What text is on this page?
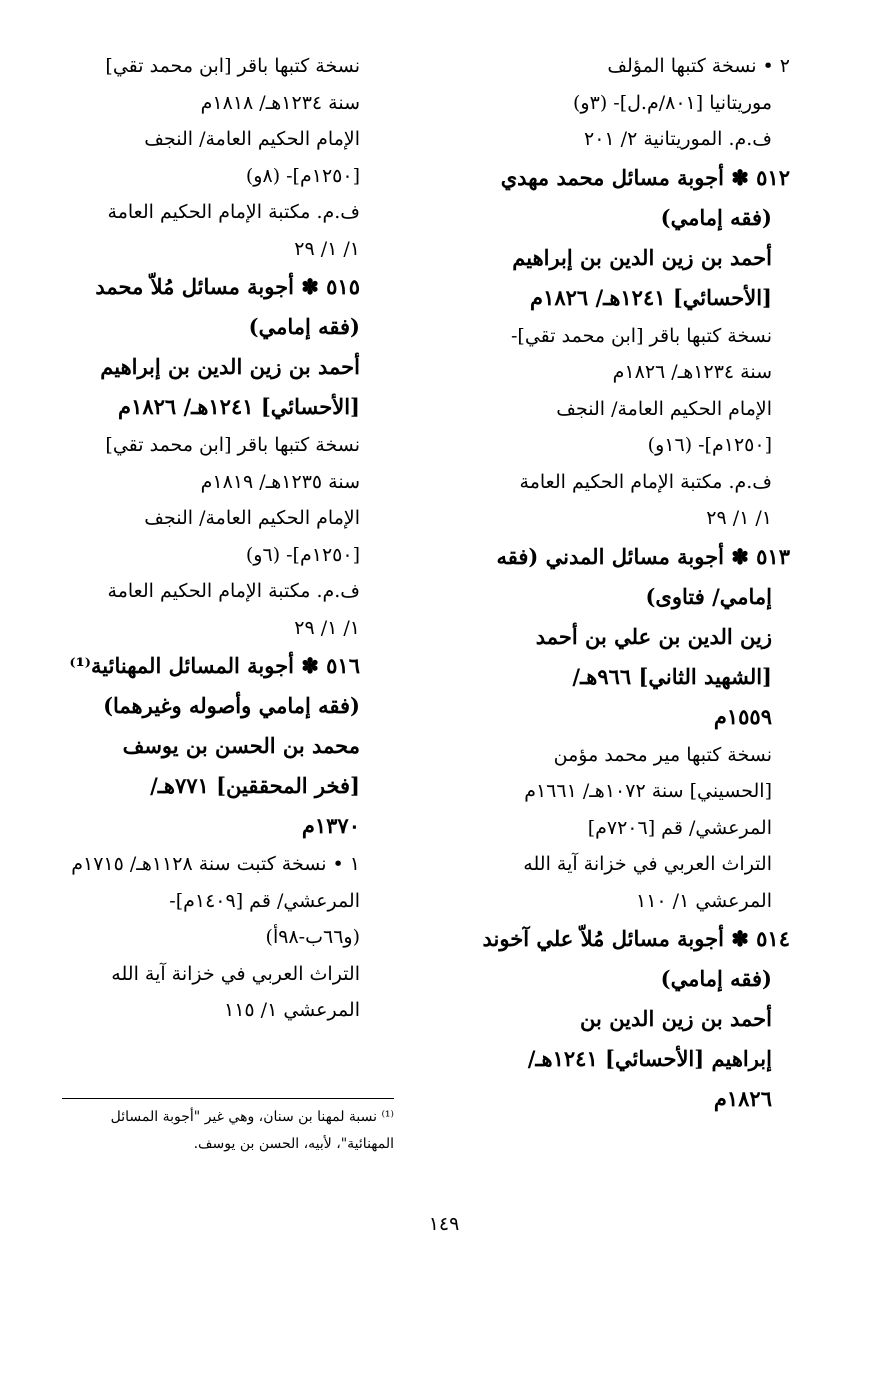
٢ • نسخة كتبها المؤلف
موريتانيا [٨٠١/م.ل]- (٣و)
ف.م. الموريتانية ٢/ ٢٠١
٥١٢ ✽ أجوبة مسائل محمد مهدي
(فقه إمامي)
أحمد بن زين الدين بن إبراهيم
[الأحسائي] ١٢٤١هـ/ ١٨٢٦م
نسخة كتبها باقر [ابن محمد تقي]-
سنة ١٢٣٤هـ/ ١٨٢٦م
الإمام الحكيم العامة/ النجف
[١٢٥٠م]- (١٦و)
ف.م. مكتبة الإمام الحكيم العامة
١/ ١/ ٢٩
٥١٣ ✽ أجوبة مسائل المدني (فقه
إمامي/ فتاوى)
زين الدين بن علي بن أحمد
[الشهيد الثاني] ٩٦٦هـ/
١٥٥٩م
نسخة كتبها مير محمد مؤمن
[الحسيني] سنة ١٠٧٢هـ/ ١٦٦١م
المرعشي/ قم [٧٢٠٦م]
التراث العربي في خزانة آية الله
المرعشي ١/ ١١٠
٥١٤ ✽ أجوبة مسائل مُلاّ علي آخوند
(فقه إمامي)
أحمد بن زين الدين بن
إبراهيم [الأحسائي] ١٢٤١هـ/
١٨٢٦م
نسخة كتبها باقر [ابن محمد تقي]
سنة ١٢٣٤هـ/ ١٨١٨م
الإمام الحكيم العامة/ النجف
[١٢٥٠م]- (٨و)
ف.م. مكتبة الإمام الحكيم العامة
١/ ١/ ٢٩
٥١٥ ✽ أجوبة مسائل مُلاّ محمد
(فقه إمامي)
أحمد بن زين الدين بن إبراهيم
[الأحسائي] ١٢٤١هـ/ ١٨٢٦م
نسخة كتبها باقر [ابن محمد تقي]
سنة ١٢٣٥هـ/ ١٨١٩م
الإمام الحكيم العامة/ النجف
[١٢٥٠م]- (٦و)
ف.م. مكتبة الإمام الحكيم العامة
١/ ١/ ٢٩
٥١٦ ✽ أجوبة المسائل المهنائية⁽¹⁾
(فقه إمامي وأصوله وغيرهما)
محمد بن الحسن بن يوسف
[فخر المحققين] ٧٧١هـ/
١٣٧٠م
١ • نسخة كتبت سنة ١١٢٨هـ/ ١٧١٥م
المرعشي/ قم [١٤٠٩م]-
(و٦٦ب-٩٨أ)
التراث العربي في خزانة آية الله
المرعشي ١/ ١١٥
⁽¹⁾ نسبة لمهنا بن سنان، وهي غير "أجوبة المسائل
المهنائية"، لأبيه، الحسن بن يوسف.
١٤٩
